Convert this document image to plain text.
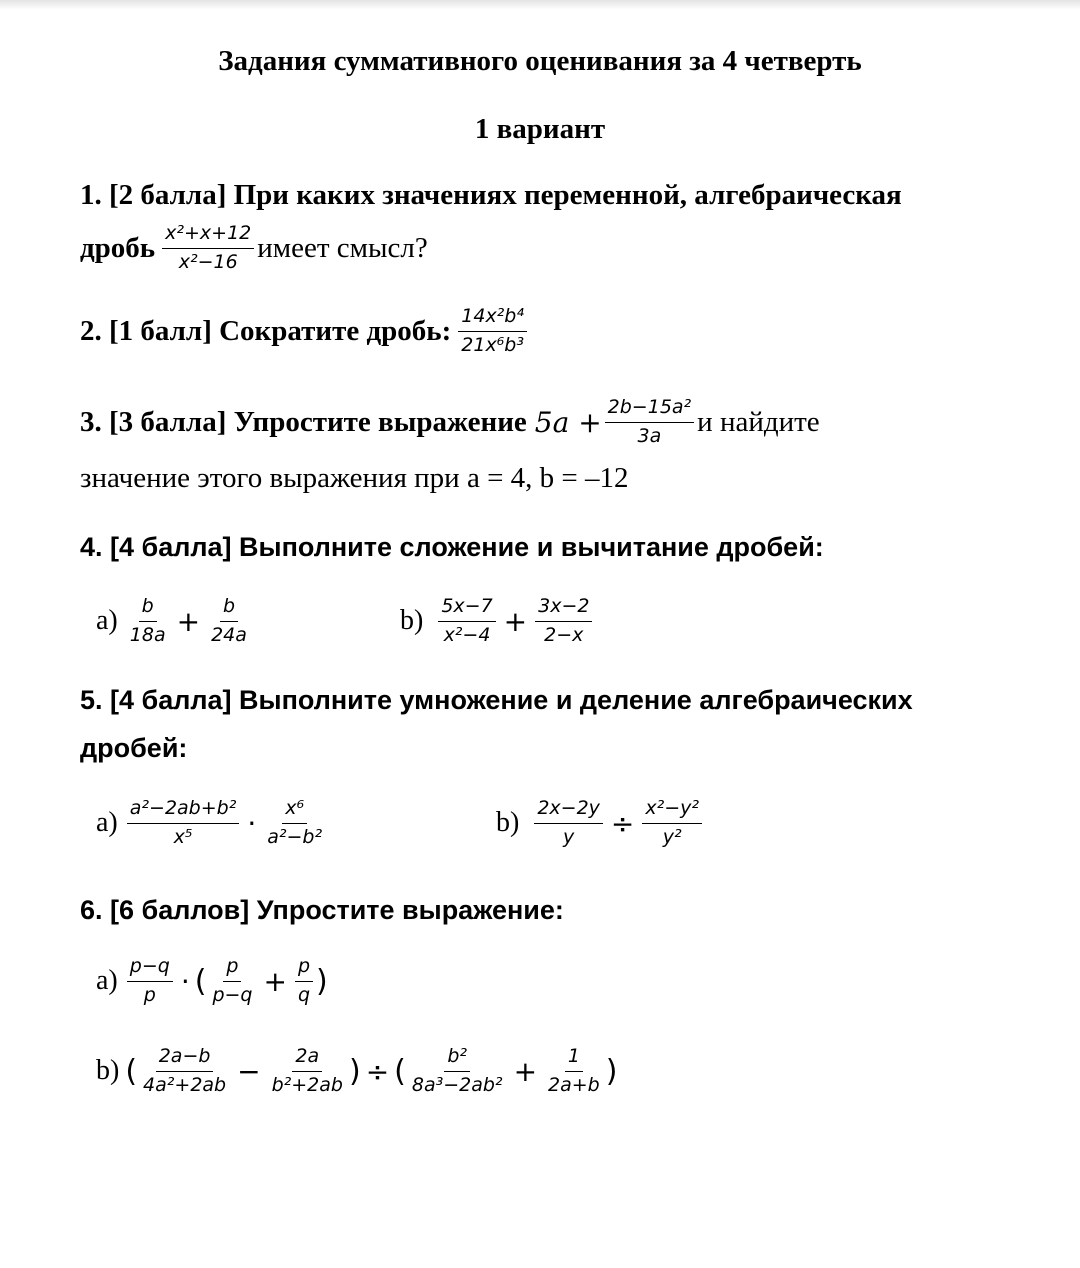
Задания суммативного оценивания за 4 четверть
1 вариант
1. [2 балла] При каких значениях переменной, алгебраическая
дробь $\frac{\text{x²+x+12}}{\text{x²−16}}$ имеет смысл?
2. [1 балл] Сократите дробь: $\frac{\text{14x²b⁴}}{\text{21x⁶b³}}$
3. [3 балла] Упростите выражение $5a + \frac{\text{2b−15a²}}{3a}$ и найдите
значение этого выражения при a = 4, b = –12
4. [4 балла] Выполните сложение и вычитание дробей:
$a) \frac{b}{18a} + \frac{b}{24a}$	$b) \frac{5x-7}{\text{x²−4}} + \frac{3x-2}{2-x}$
5. [4 балла] Выполните умножение и деление алгебраических
дробей:
$a) \frac{\text{a²−2ab+b²}}{\text{x⁵}} \cdot \frac{\text{x⁶}}{\text{a²−b²}}$	$b) \frac{2x-2y}{y} \div \frac{\text{x²−y²}}{\text{y²}}$
6. [6 баллов] Упростите выражение:
$a) \frac{p-q}{p}$ · ( $\frac{p}{p-q} + \frac{p}{q}$ )
b) ( $\frac{2a-b}{\text{4a²+2ab}} - \frac{2a}{\text{b²+2ab}}$ ) ÷ ( $\frac{\text{b²}}{\text{8a³−2ab²}} + \frac{1}{2a+b}$ )
